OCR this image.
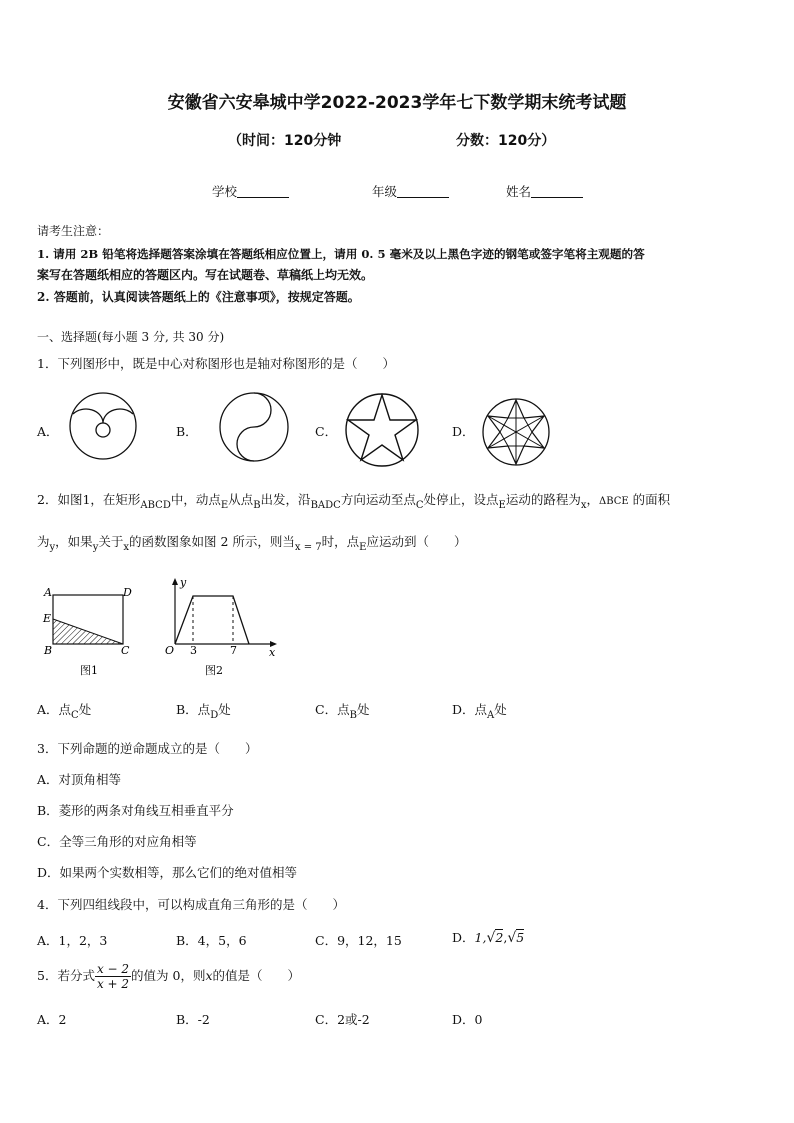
安徽省六安皋城中学2022-2023学年七下数学期末统考试题
（时间：120分钟	分数：120分）
学校	年级	姓名
请考生注意：
1. 请用 2B 铅笔将选择题答案涂填在答题纸相应位置上，请用 0. 5 毫米及以上黑色字迹的钢笔或签字笔将主观题的答
案写在答题纸相应的答题区内。写在试题卷、草稿纸上均无效。
2. 答题前，认真阅读答题纸上的《注意事项》，按规定答题。
一、选择题(每小题 3 分, 共 30 分)
1．下列图形中，既是中心对称图形也是轴对称图形的是（　　）
A．	B．	C．	D．
2．如图1，在矩形$_{ABCD}$中，动点$_E$从点$_B$出发，沿$_{BADC}$方向运动至点$_C$处停止，设点$_E$运动的路程为$_x$，ΔBCE 的面积
为$_y$，如果$_y$关于$_x$的函数图象如图 2 所示，则当$_{x = 7}$时，点$_E$应运动到（　　）
A	D
E
B	C
图1
y
O 3	7	x
图2
A．点$_C$处	B．点$_D$处	C．点$_B$处	D．点$_A$处
3．下列命题的逆命题成立的是（　　）
A．对顶角相等
B．菱形的两条对角线互相垂直平分
C．全等三角形的对应角相等
D．如果两个实数相等，那么它们的绝对值相等
4．下列四组线段中，可以构成直角三角形的是（　　）
A．1，2，3	B．4，5，6	C．9，12，15	D．1,√2,√5
5．若分式 $\frac{x - 2}{x + 2}$ 的值为 0，则x的值是（　　）
A．2	B．-2	C．2或-2	D．0
